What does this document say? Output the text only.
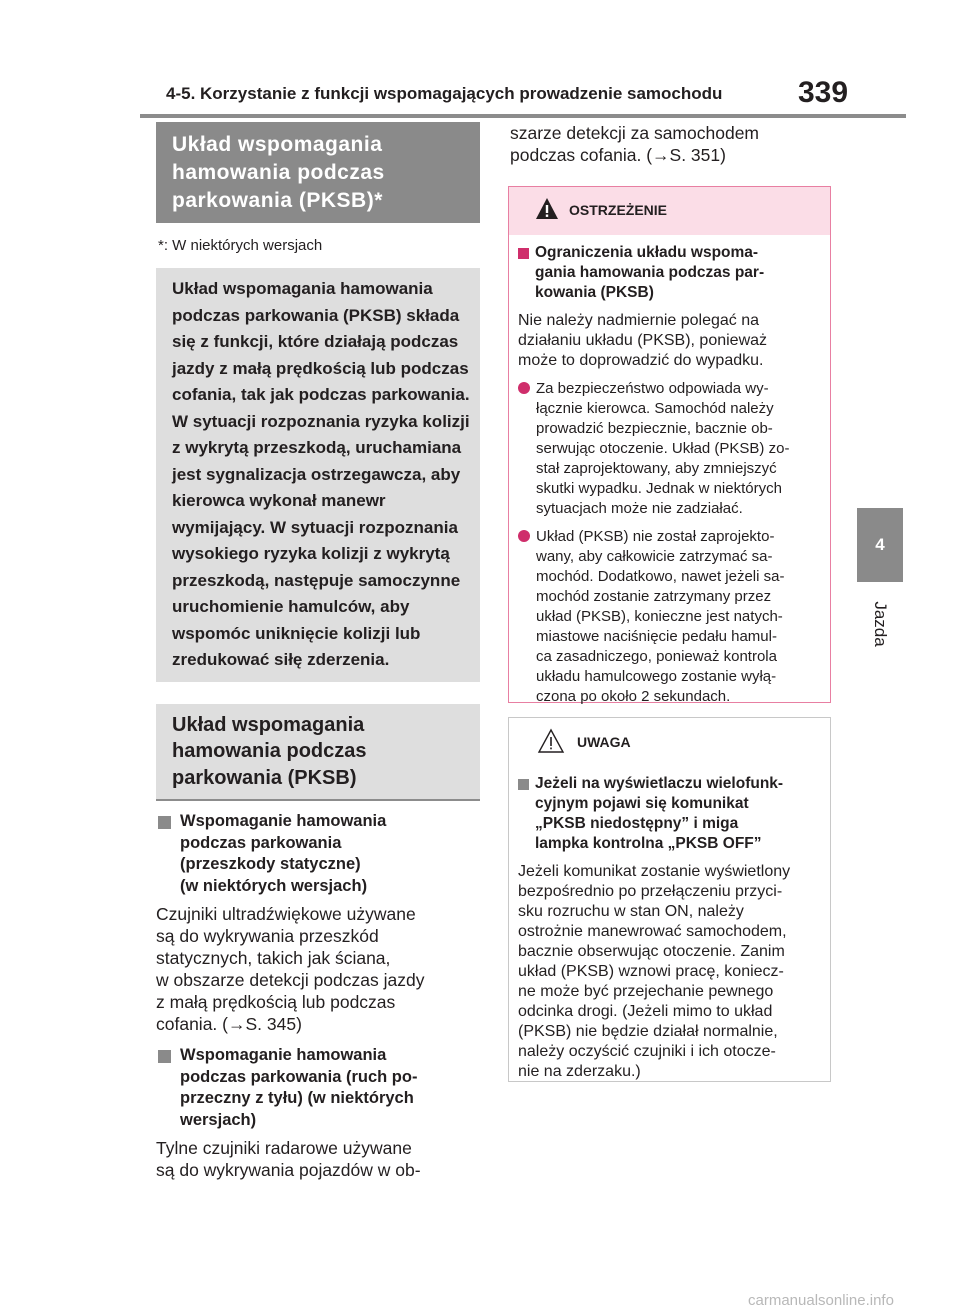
4-5. Korzystanie z funkcji wspomagających prowadzenie samochodu	339
4
Jazda
Układ wspomagania
hamowania podczas
parkowania (PKSB)*
*: W niektórych wersjach
Układ wspomagania hamowania podczas parkowania (PKSB) składa się z funkcji, które działają podczas jazdy z małą prędkością lub podczas cofania, tak jak podczas parkowania. W sytuacji rozpoznania ryzyka kolizji z wykrytą przeszkodą, uruchamiana jest sygnalizacja ostrzegawcza, aby kierowca wykonał manewr wymijający. W sytuacji rozpoznania wysokiego ryzyka kolizji z wykrytą przeszkodą, następuje samoczynne uruchomienie hamulców, aby wspomóc uniknięcie kolizji lub zredukować siłę zderzenia.
Układ wspomagania hamowania podczas parkowania (PKSB)
Wspomaganie hamowania
podczas parkowania
(przeszkody statyczne)
(w niektórych wersjach)
Czujniki ultradźwiękowe używane
są do wykrywania przeszkód
statycznych, takich jak ściana,
w obszarze detekcji podczas jazdy
z małą prędkością lub podczas
cofania. (→S. 345)
Wspomaganie hamowania
podczas parkowania (ruch po-
przeczny z tyłu) (w niektórych
wersjach)
Tylne czujniki radarowe używane
są do wykrywania pojazdów w ob-
szarze detekcji za samochodem
podczas cofania. (→S. 351)
OSTRZEŻENIE
Ograniczenia układu wspoma-
gania hamowania podczas par-
kowania (PKSB)
Nie należy nadmiernie polegać na
działaniu układu (PKSB), ponieważ
może to doprowadzić do wypadku.
Za bezpieczeństwo odpowiada wy-
łącznie kierowca. Samochód należy
prowadzić bezpiecznie, bacznie ob-
serwując otoczenie. Układ (PKSB) zo-
stał zaprojektowany, aby zmniejszyć
skutki wypadku. Jednak w niektórych
sytuacjach może nie zadziałać.
Układ (PKSB) nie został zaprojekto-
wany, aby całkowicie zatrzymać sa-
mochód. Dodatkowo, nawet jeżeli sa-
mochód zostanie zatrzymany przez
układ (PKSB), konieczne jest natych-
miastowe naciśnięcie pedału hamul-
ca zasadniczego, ponieważ kontrola
układu hamulcowego zostanie wyłą-
czona po około 2 sekundach.
UWAGA
Jeżeli na wyświetlaczu wielofunk-
cyjnym pojawi się komunikat
„PKSB niedostępny” i miga
lampka kontrolna „PKSB OFF”
Jeżeli komunikat zostanie wyświetlony
bezpośrednio po przełączeniu przyci-
sku rozruchu w stan ON, należy
ostrożnie manewrować samochodem,
bacznie obserwując otoczenie. Zanim
układ (PKSB) wznowi pracę, koniecz-
ne może być przejechanie pewnego
odcinka drogi. (Jeżeli mimo to układ
(PKSB) nie będzie działał normalnie,
należy oczyścić czujniki i ich otocze-
nie na zderzaku.)
carmanualsonline.info
